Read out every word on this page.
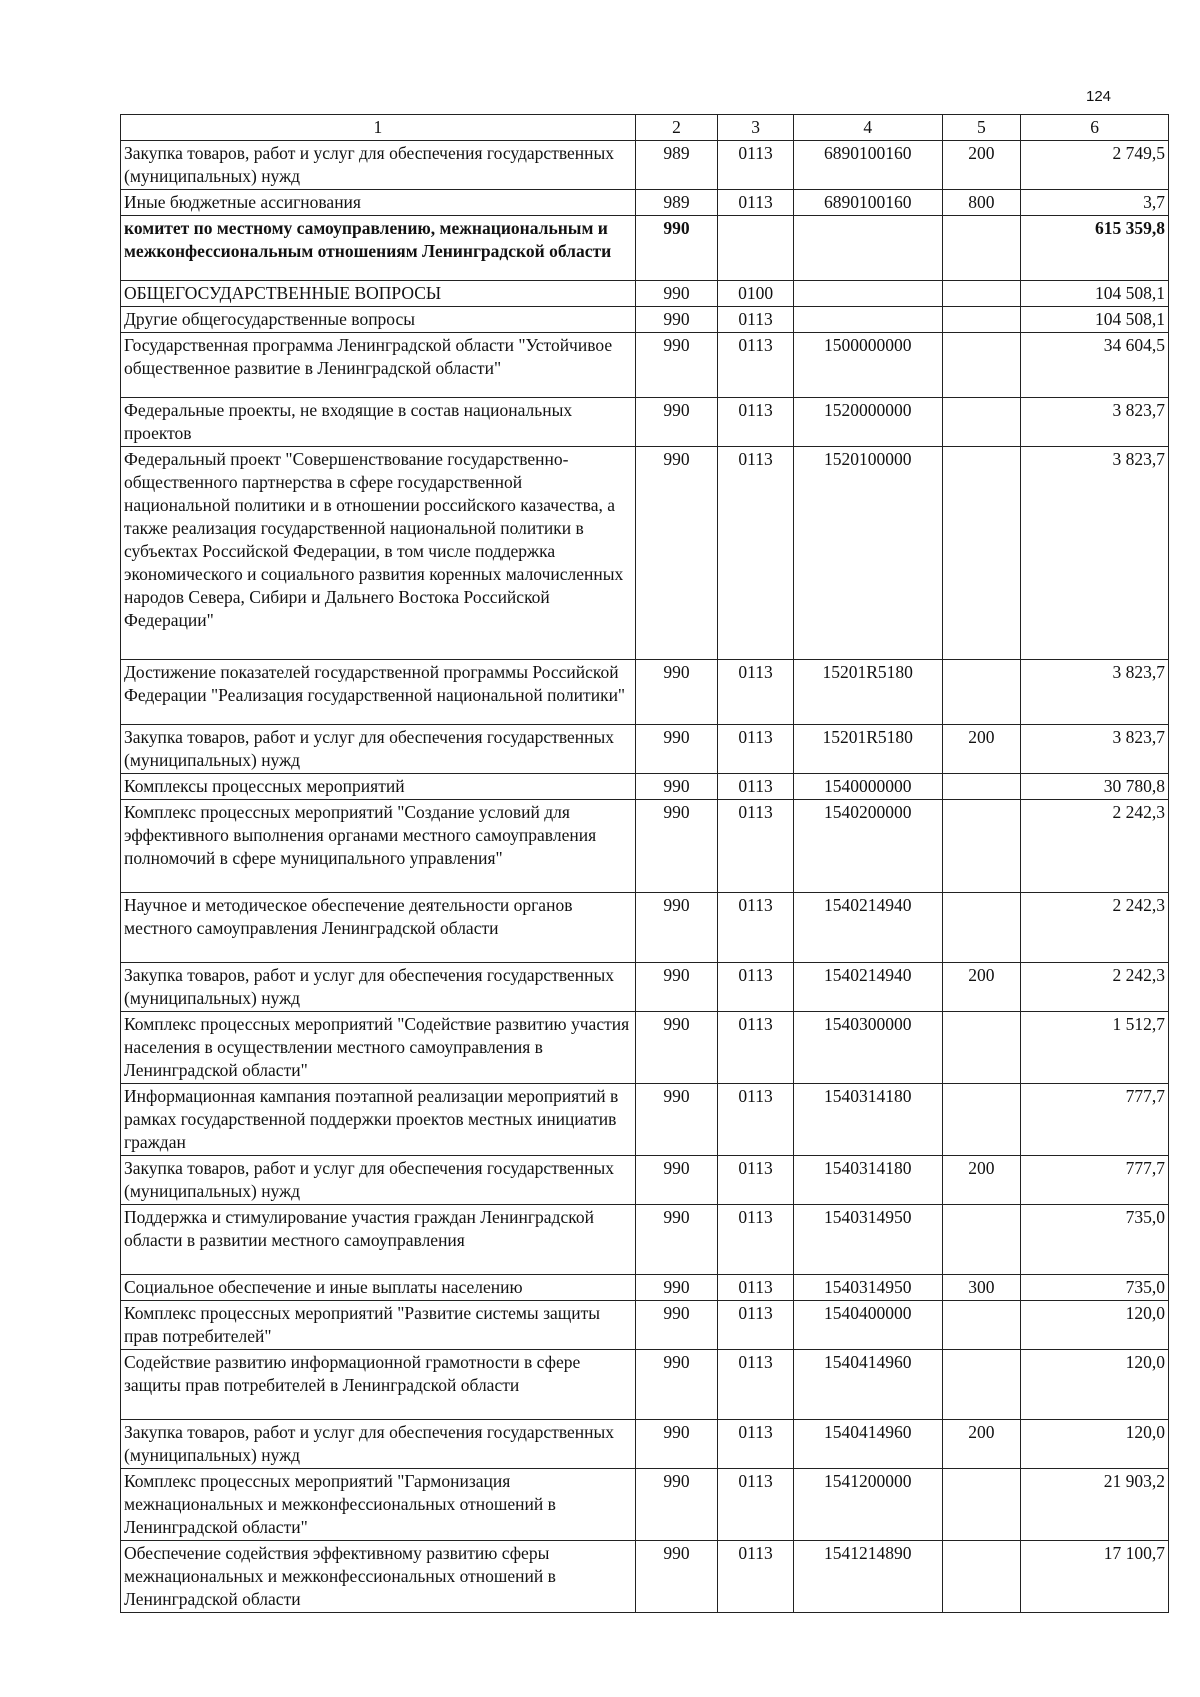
124
1	2	3	4	5	6
Закупка товаров, работ и услуг для обеспечения государственных (муниципальных) нужд	989	0113	6890100160	200	2 749,5
Иные бюджетные ассигнования	989	0113	6890100160	800	3,7
комитет по местному самоуправлению, межнациональным и межконфессиональным отношениям Ленинградской области	990				615 359,8
ОБЩЕГОСУДАРСТВЕННЫЕ ВОПРОСЫ	990	0100			104 508,1
Другие общегосударственные вопросы	990	0113			104 508,1
Государственная программа Ленинградской области "Устойчивое общественное развитие в Ленинградской области"	990	0113	1500000000		34 604,5
Федеральные проекты, не входящие в состав национальных проектов	990	0113	1520000000		3 823,7
Федеральный проект "Совершенствование государственно-общественного партнерства в сфере государственной национальной политики и в отношении российского казачества, а также реализация государственной национальной политики в субъектах Российской Федерации, в том числе поддержка экономического и социального развития коренных малочисленных народов Севера, Сибири и Дальнего Востока Российской Федерации"	990	0113	1520100000		3 823,7
Достижение показателей государственной программы Российской Федерации "Реализация государственной национальной политики"	990	0113	15201R5180		3 823,7
Закупка товаров, работ и услуг для обеспечения государственных (муниципальных) нужд	990	0113	15201R5180	200	3 823,7
Комплексы процессных мероприятий	990	0113	1540000000		30 780,8
Комплекс процессных мероприятий "Создание условий для эффективного выполнения органами местного самоуправления полномочий в сфере муниципального управления"	990	0113	1540200000		2 242,3
Научное и методическое обеспечение деятельности органов местного самоуправления Ленинградской области	990	0113	1540214940		2 242,3
Закупка товаров, работ и услуг для обеспечения государственных (муниципальных) нужд	990	0113	1540214940	200	2 242,3
Комплекс процессных мероприятий "Содействие развитию участия населения в осуществлении местного самоуправления в Ленинградской области"	990	0113	1540300000		1 512,7
Информационная кампания поэтапной реализации мероприятий в рамках государственной поддержки проектов местных инициатив граждан	990	0113	1540314180		777,7
Закупка товаров, работ и услуг для обеспечения государственных (муниципальных) нужд	990	0113	1540314180	200	777,7
Поддержка и стимулирование участия граждан Ленинградской области в развитии местного самоуправления	990	0113	1540314950		735,0
Социальное обеспечение и иные выплаты населению	990	0113	1540314950	300	735,0
Комплекс процессных мероприятий "Развитие системы защиты прав потребителей"	990	0113	1540400000		120,0
Содействие развитию информационной грамотности в сфере защиты прав потребителей в Ленинградской области	990	0113	1540414960		120,0
Закупка товаров, работ и услуг для обеспечения государственных (муниципальных) нужд	990	0113	1540414960	200	120,0
Комплекс процессных мероприятий "Гармонизация межнациональных и межконфессиональных отношений в Ленинградской области"	990	0113	1541200000		21 903,2
Обеспечение содействия эффективному развитию сферы межнациональных и межконфессиональных отношений в Ленинградской области	990	0113	1541214890		17 100,7
